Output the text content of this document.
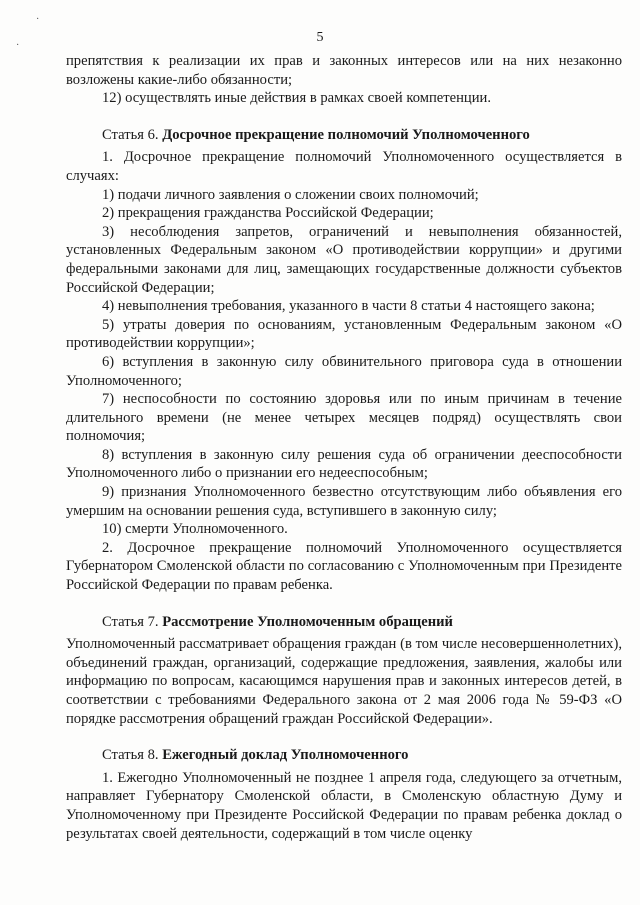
·
·
5

препятствия к реализации их прав и законных интересов или на них незаконно возложены какие-либо обязанности;

12) осуществлять иные действия в рамках своей компетенции.

Статья 6. Досрочное прекращение полномочий Уполномоченного

1. Досрочное прекращение полномочий Уполномоченного осуществляется в случаях:

1) подачи личного заявления о сложении своих полномочий;

2) прекращения гражданства Российской Федерации;

3) несоблюдения запретов, ограничений и невыполнения обязанностей, установленных Федеральным законом «О противодействии коррупции» и другими федеральными законами для лиц, замещающих государственные должности субъектов Российской Федерации;

4) невыполнения требования, указанного в части 8 статьи 4 настоящего закона;

5) утраты доверия по основаниям, установленным Федеральным законом «О противодействии коррупции»;

6) вступления в законную силу обвинительного приговора суда в отношении Уполномоченного;

7) неспособности по состоянию здоровья или по иным причинам в течение длительного времени (не менее четырех месяцев подряд) осуществлять свои полномочия;

8) вступления в законную силу решения суда об ограничении дееспособности Уполномоченного либо о признании его недееспособным;

9) признания Уполномоченного безвестно отсутствующим либо объявления его умершим на основании решения суда, вступившего в законную силу;

10) смерти Уполномоченного.

2. Досрочное прекращение полномочий Уполномоченного осуществляется Губернатором Смоленской области по согласованию с Уполномоченным при Президенте Российской Федерации по правам ребенка.

Статья 7. Рассмотрение Уполномоченным обращений

Уполномоченный рассматривает обращения граждан (в том числе несовершеннолетних), объединений граждан, организаций, содержащие предложения, заявления, жалобы или информацию по вопросам, касающимся нарушения прав и законных интересов детей, в соответствии с требованиями Федерального закона от 2 мая 2006 года № 59-ФЗ «О порядке рассмотрения обращений граждан Российской Федерации».

Статья 8. Ежегодный доклад Уполномоченного

1. Ежегодно Уполномоченный не позднее 1 апреля года, следующего за отчетным, направляет Губернатору Смоленской области, в Смоленскую областную Думу и Уполномоченному при Президенте Российской Федерации по правам ребенка доклад о результатах своей деятельности, содержащий в том числе оценку
